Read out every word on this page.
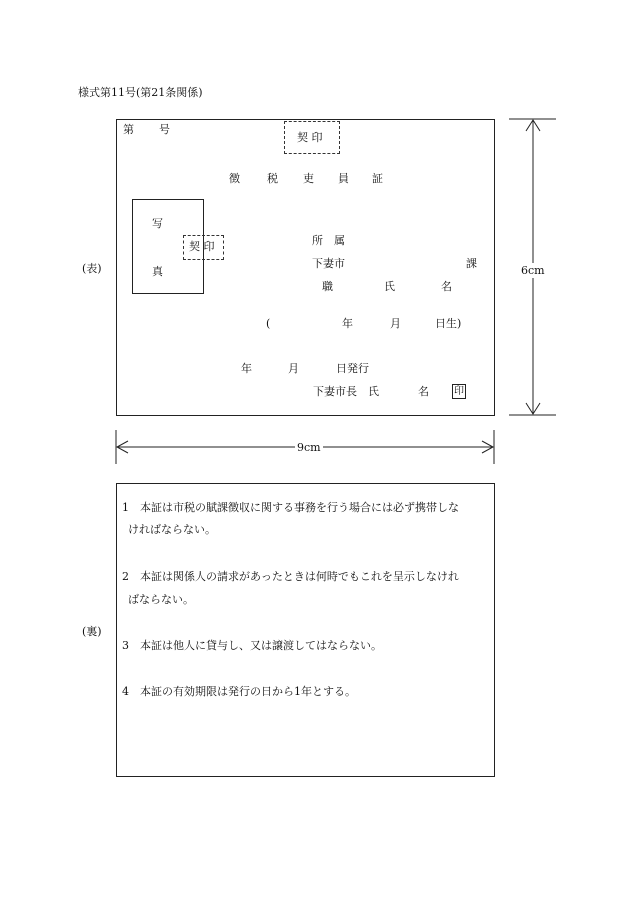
様式第11号(第21条関係)
(表)
第 号
契 印
徴 税 吏 員 証
写
真
契 印	所　属
下妻市	課
職	氏	名
(	年	月	日生)
年	月	日発行
下妻市長　氏	名	印
6cm
9cm
(裏)
1 本証は市税の賦課徴収に関する事務を行う場合には必ず携帯しな
ければならない。
2 本証は関係人の請求があったときは何時でもこれを呈示しなけれ
ばならない。
3 本証は他人に貸与し、又は譲渡してはならない。
4 本証の有効期限は発行の日から1年とする。
